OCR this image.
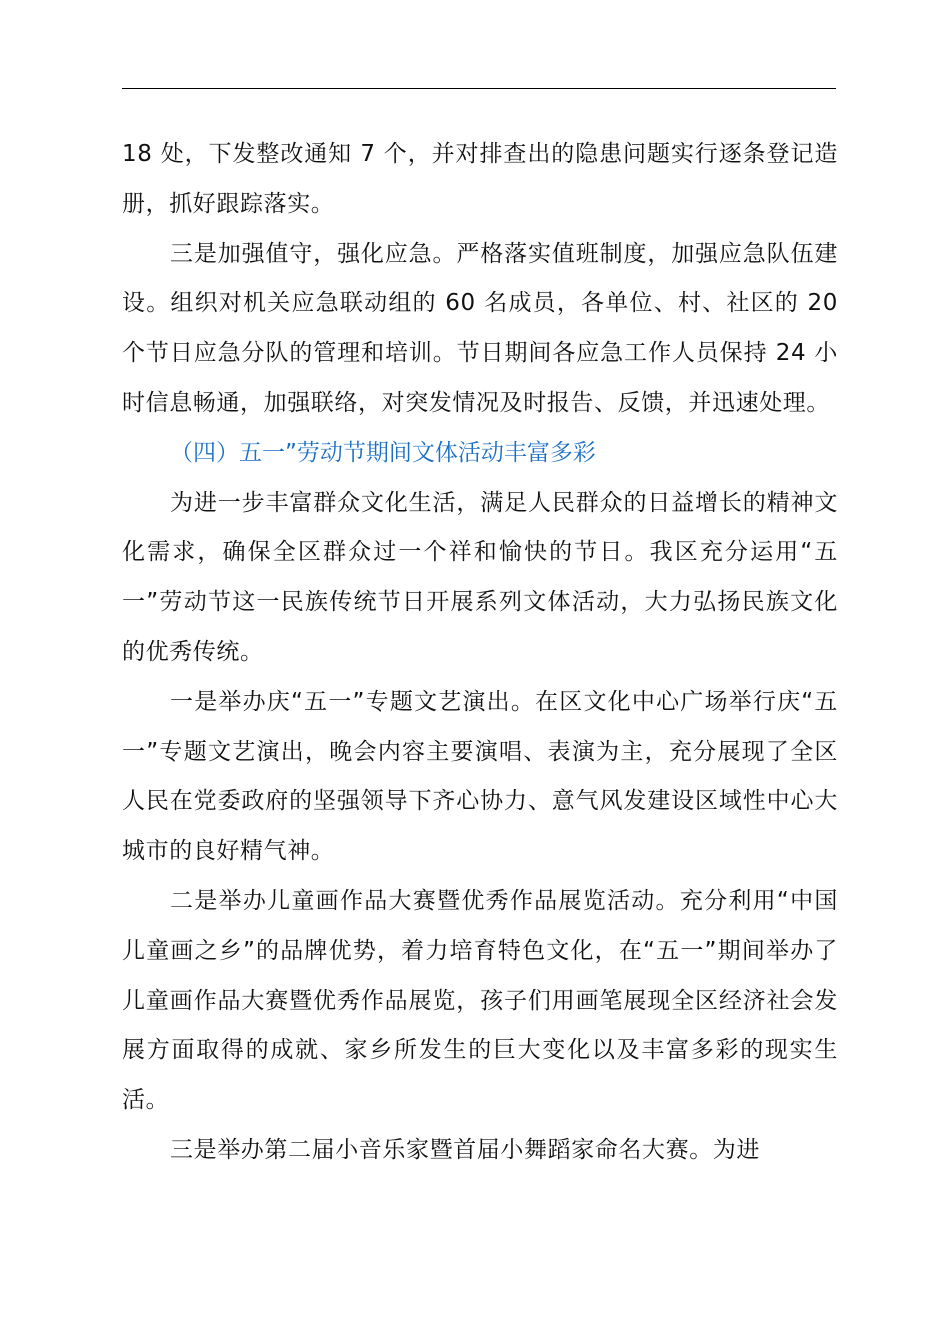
18 处，下发整改通知 7 个，并对排查出的隐患问题实行逐条登记造册，抓好跟踪落实。

三是加强值守，强化应急。严格落实值班制度，加强应急队伍建设。组织对机关应急联动组的 60 名成员，各单位、村、社区的 20 个节日应急分队的管理和培训。节日期间各应急工作人员保持 24 小时信息畅通，加强联络，对突发情况及时报告、反馈，并迅速处理。

（四）五一”劳动节期间文体活动丰富多彩

为进一步丰富群众文化生活，满足人民群众的日益增长的精神文化需求，确保全区群众过一个祥和愉快的节日。我区充分运用“五一”劳动节这一民族传统节日开展系列文体活动，大力弘扬民族文化的优秀传统。

一是举办庆“五一”专题文艺演出。在区文化中心广场举行庆“五一”专题文艺演出，晚会内容主要演唱、表演为主，充分展现了全区人民在党委政府的坚强领导下齐心协力、意气风发建设区域性中心大城市的良好精气神。

二是举办儿童画作品大赛暨优秀作品展览活动。充分利用“中国儿童画之乡”的品牌优势，着力培育特色文化，在“五一”期间举办了儿童画作品大赛暨优秀作品展览，孩子们用画笔展现全区经济社会发展方面取得的成就、家乡所发生的巨大变化以及丰富多彩的现实生活。

三是举办第二届小音乐家暨首届小舞蹈家命名大赛。为进
